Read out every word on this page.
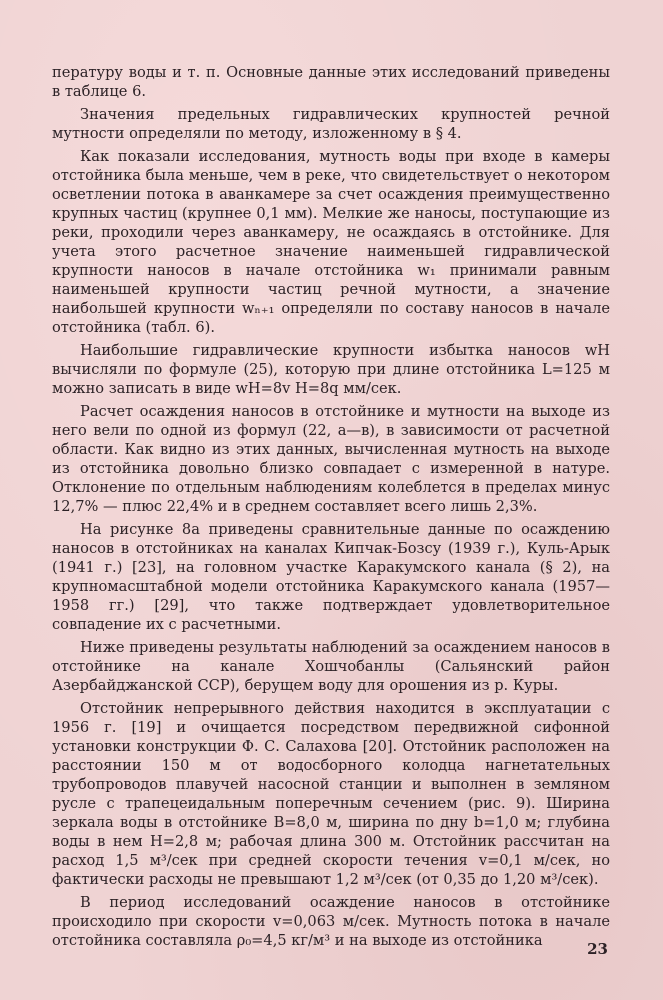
пературу воды и т. п. Основные данные этих исследований приведены в таблице 6.

Значения предельных гидравлических крупностей речной мутности определяли по методу, изложенному в § 4.

Как показали исследования, мутность воды при входе в камеры отстойника была меньше, чем в реке, что свидетельствует о некотором осветлении потока в аванкамере за счет осаждения преимущественно крупных частиц (крупнее 0,1 мм). Мелкие же наносы, поступающие из реки, проходили через аванкамеру, не осаждаясь в отстойнике. Для учета этого расчетное значение наименьшей гидравлической крупности наносов в начале отстойника w₁ принимали равным наименьшей крупности частиц речной мутности, а значение наибольшей крупности wₙ₊₁ определяли по составу наносов в начале отстойника (табл. 6).

Наибольшие гидравлические крупности избытка наносов wН вычисляли по формуле (25), которую при длине отстойника L=125 м можно записать в виде wН=8v H=8q мм/сек.

Расчет осаждения наносов в отстойнике и мутности на выходе из него вели по одной из формул (22, а—в), в зависимости от расчетной области. Как видно из этих данных, вычисленная мутность на выходе из отстойника довольно близко совпадает с измеренной в натуре. Отклонение по отдельным наблюдениям колеблется в пределах минус 12,7% — плюс 22,4% и в среднем составляет всего лишь 2,3%.

На рисунке 8а приведены сравнительные данные по осаждению наносов в отстойниках на каналах Кипчак-Бозсу (1939 г.), Куль-Арык (1941 г.) [23], на головном участке Каракумского канала (§ 2), на крупномасштабной модели отстойника Каракумского канала (1957—1958 гг.) [29], что также подтверждает удовлетворительное совпадение их с расчетными.

Ниже приведены результаты наблюдений за осаждением наносов в отстойнике на канале Хошчобанлы (Сальянский район Азербайджанской ССР), берущем воду для орошения из р. Куры.

Отстойник непрерывного действия находится в эксплуатации с 1956 г. [19] и очищается посредством передвижной сифонной установки конструкции Ф. С. Салахова [20]. Отстойник расположен на расстоянии 150 м от водосборного колодца нагнетательных трубопроводов плавучей насосной станции и выполнен в земляном русле с трапецеидальным поперечным сечением (рис. 9). Ширина зеркала воды в отстойнике B=8,0 м, ширина по дну b=1,0 м; глубина воды в нем H=2,8 м; рабочая длина 300 м. Отстойник рассчитан на расход 1,5 м³/сек при средней скорости течения v=0,1 м/сек, но фактически расходы не превышают 1,2 м³/сек (от 0,35 до 1,20 м³/сек).

В период исследований осаждение наносов в отстойнике происходило при скорости v=0,063 м/сек. Мутность потока в начале отстойника составляла ρ₀=4,5 кг/м³ и на выходе из отстойника	23
